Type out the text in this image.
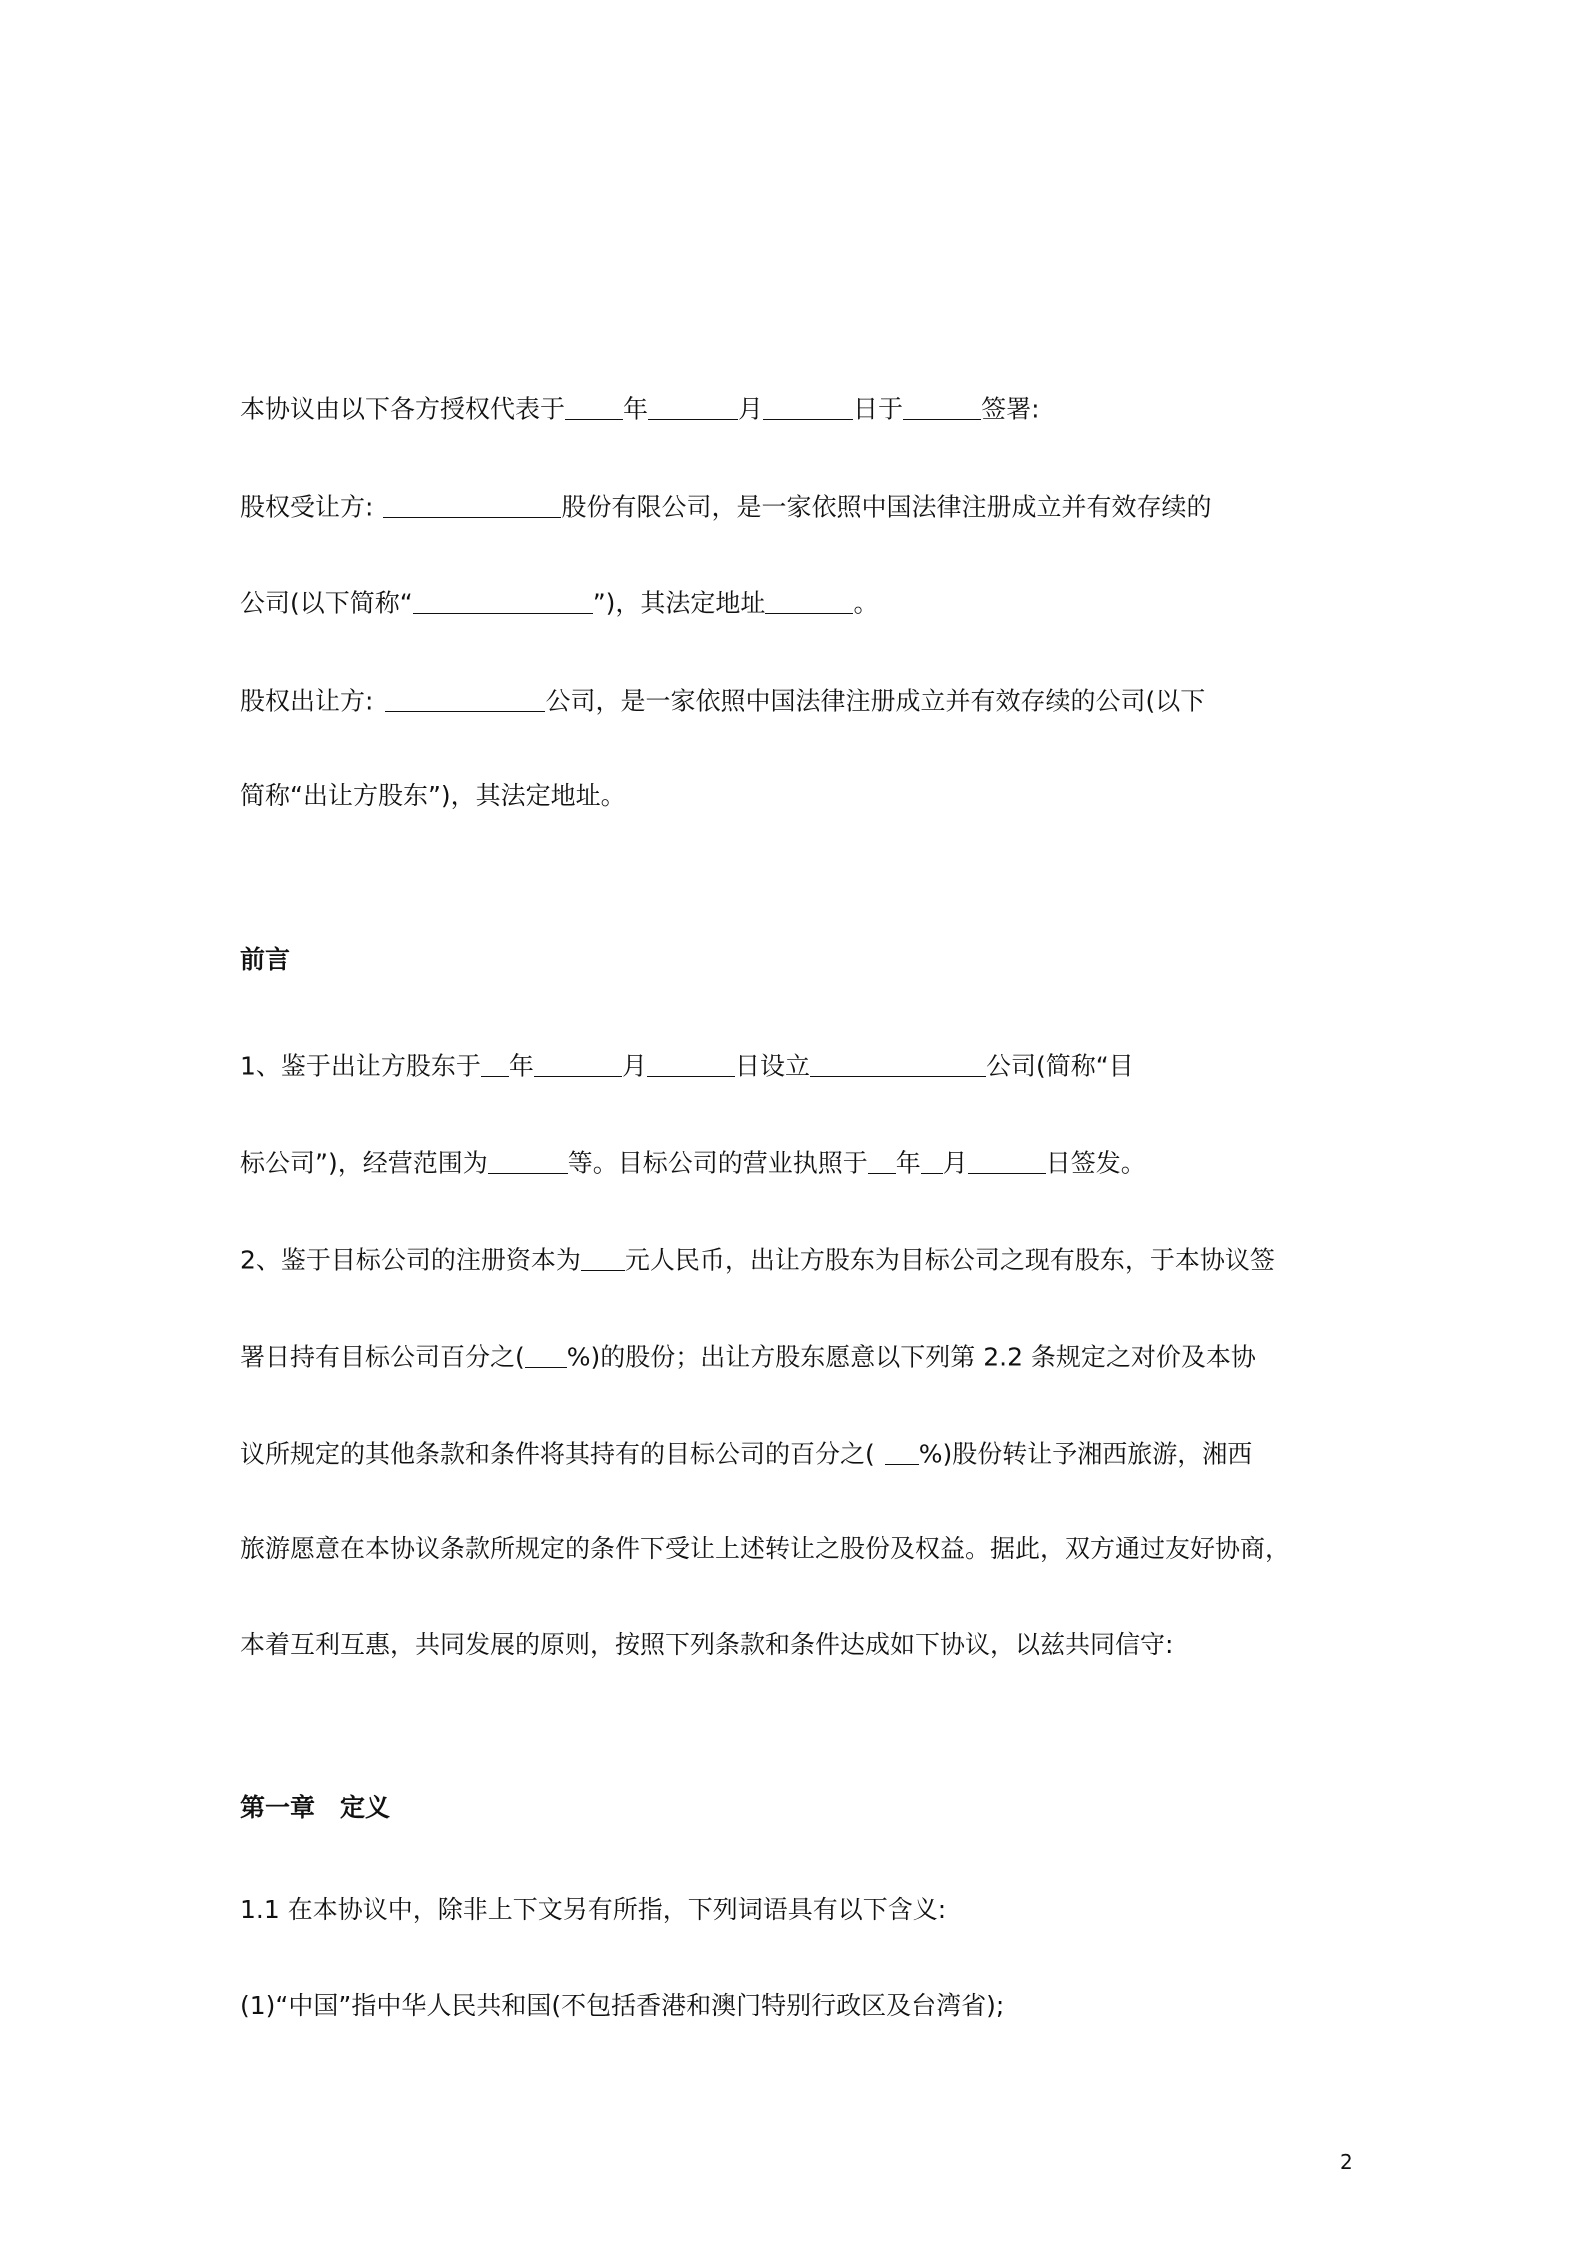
本协议由以下各方授权代表于 年	月	日于	签署:
股权受让方:	股份有限公司，是一家依照中国法律注册成立并有效存续的
公司(以下简称“	”)，其法定地址	。
股权出让方:	公司，是一家依照中国法律注册成立并有效存续的公司(以下
简称“出让方股东”)，其法定地址。
前言
1、鉴于出让方股东于 年	月	日设立	公司(简称“目
标公司”)，经营范围为	等。目标公司的营业执照于 年 月	日签发。
2、鉴于目标公司的注册资本为 元人民币，出让方股东为目标公司之现有股东，于本协议签
署日持有目标公司百分之( %)的股份；出让方股东愿意以下列第 2.2 条规定之对价及本协
议所规定的其他条款和条件将其持有的目标公司的百分之( %)股份转让予湘西旅游，湘西
旅游愿意在本协议条款所规定的条件下受让上述转让之股份及权益。据此，双方通过友好协商，
本着互利互惠，共同发展的原则，按照下列条款和条件达成如下协议，以兹共同信守:
第一章　定义
1.1 在本协议中，除非上下文另有所指，下列词语具有以下含义:
(1)“中国”指中华人民共和国(不包括香港和澳门特别行政区及台湾省);
2
